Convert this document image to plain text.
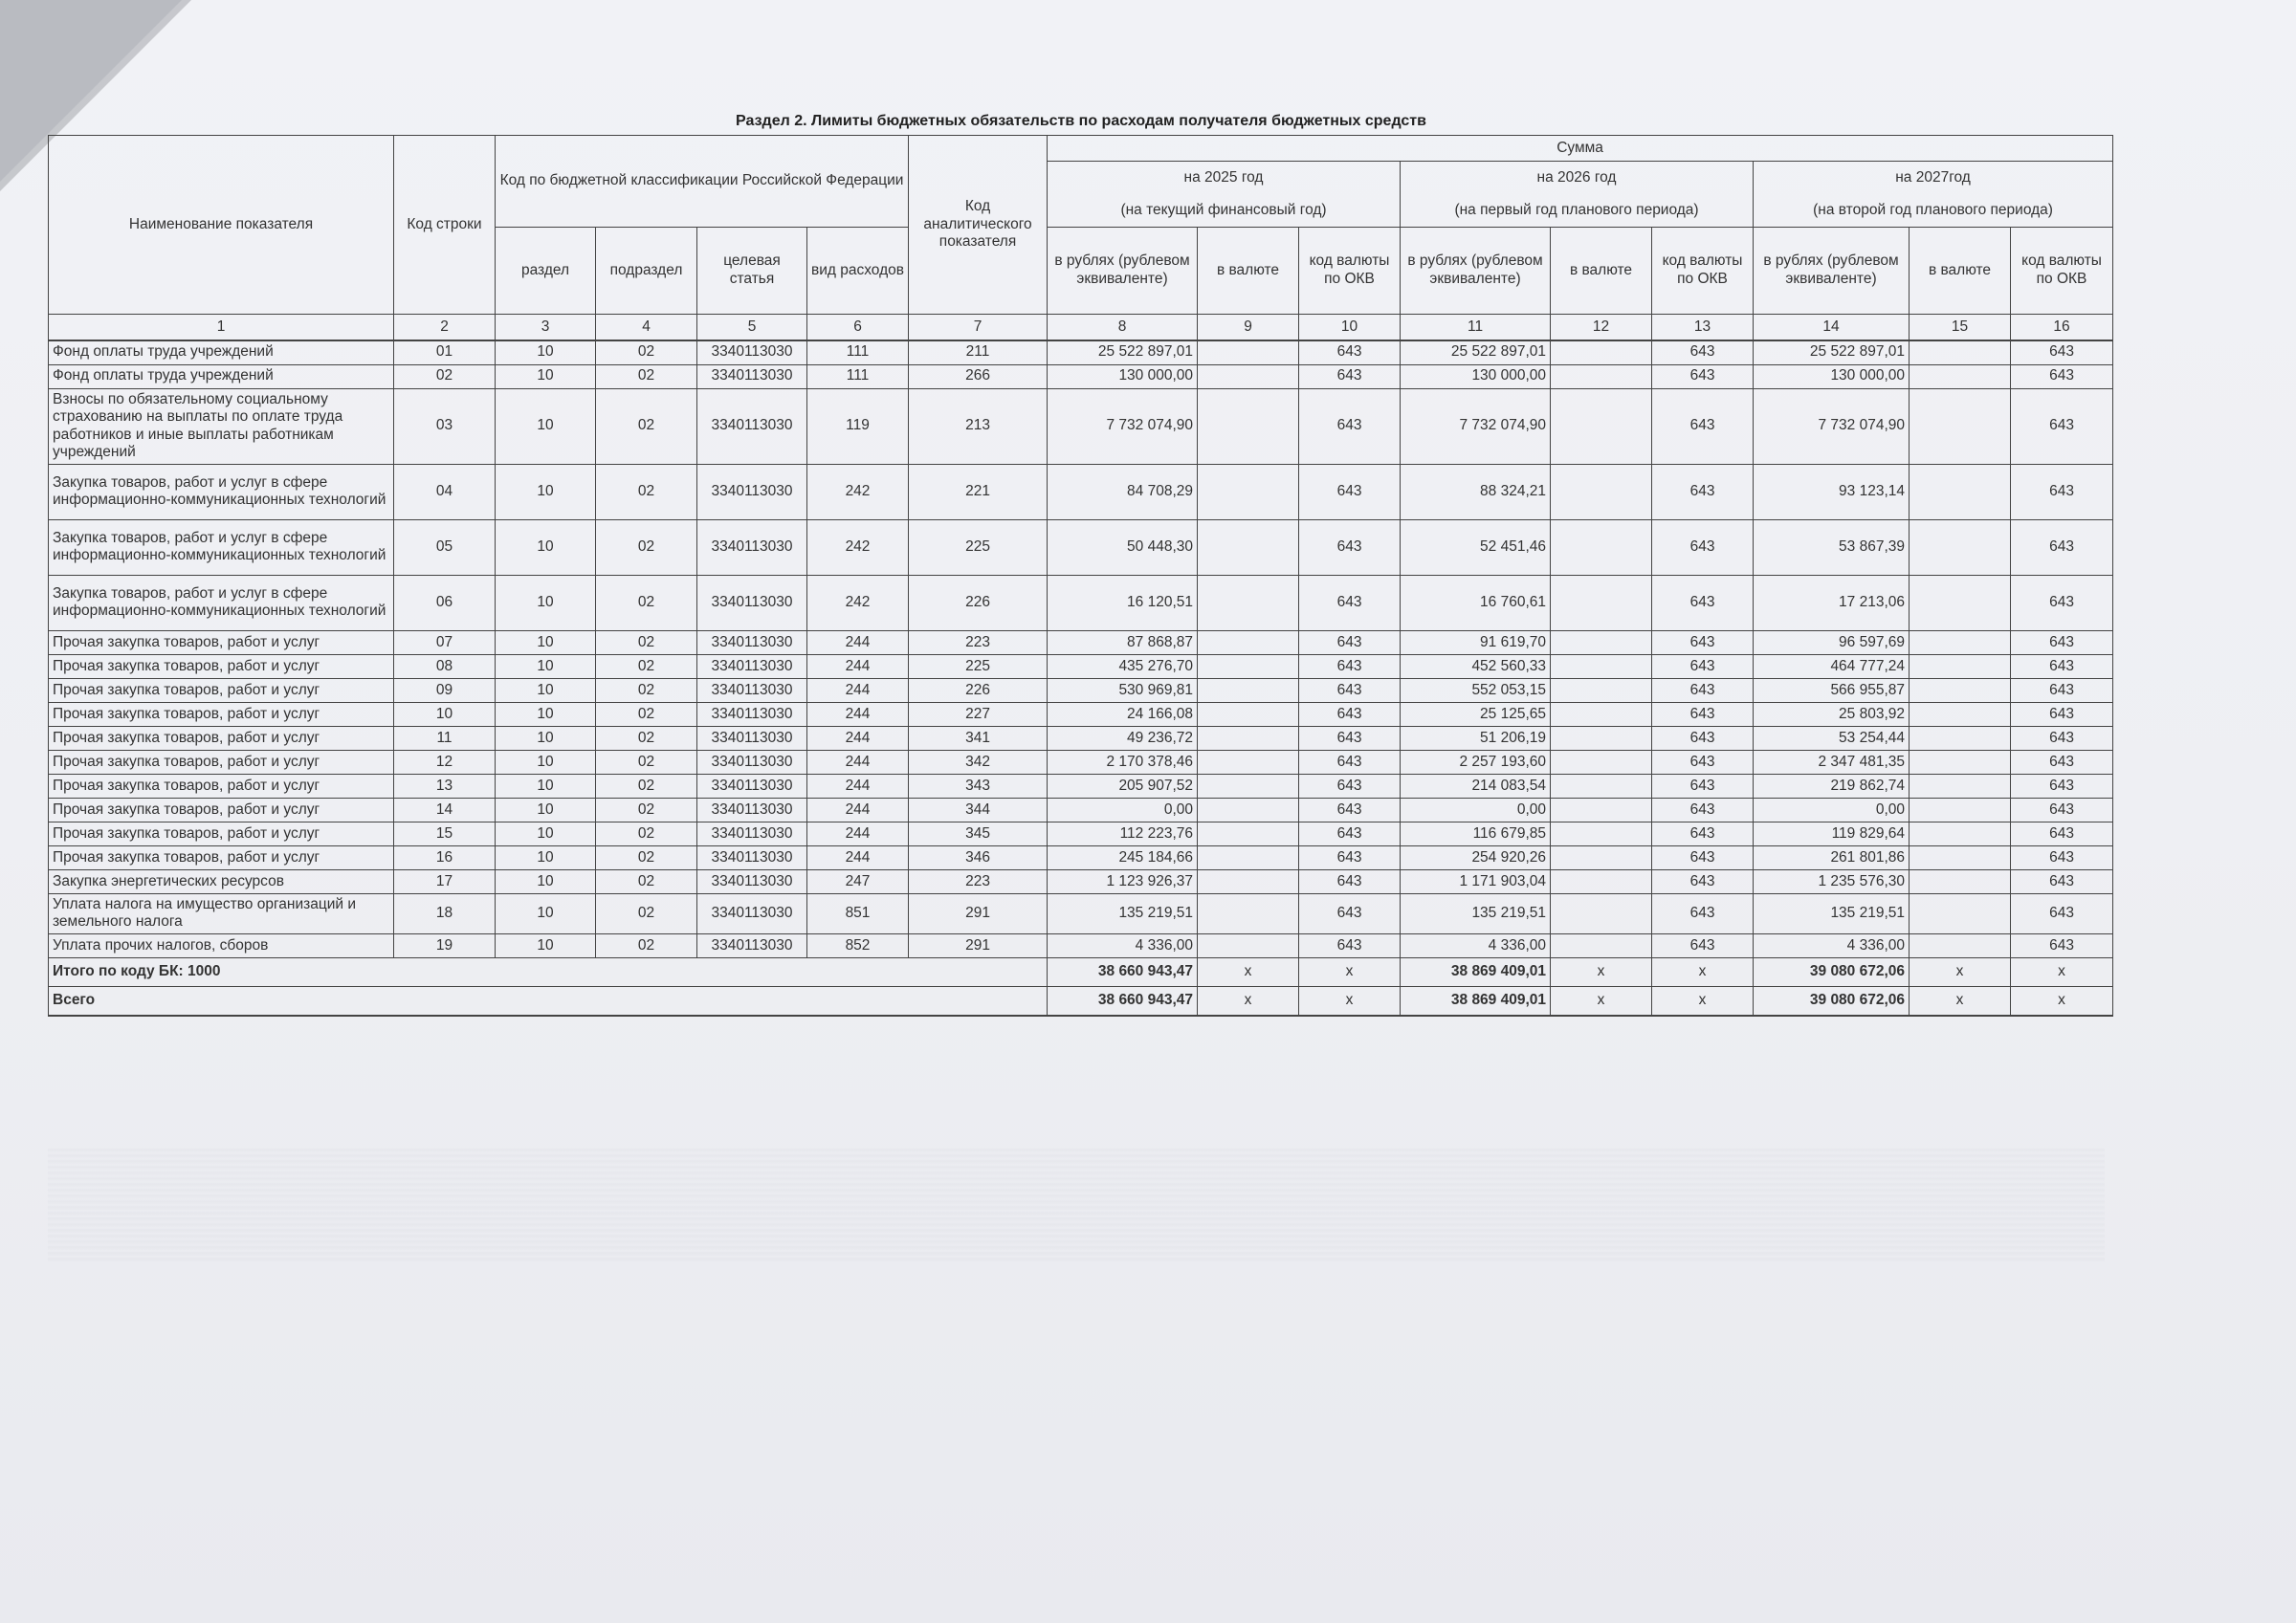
Раздел 2. Лимиты бюджетных обязательств по расходам получателя бюджетных средств
Наименование показателя	Код строки	Код по бюджетной классификации Российской Федерации				Код аналитического показателя	Сумма								
							на 2025 год			на 2026 год			на 2027год		
							(на текущий финансовый год)			(на первый год планового периода)			(на второй год планового периода)		
		раздел	подраздел	целевая статья	вид расходов		в рублях (рублевом эквиваленте)	в валюте	код валюты по ОКВ	в рублях (рублевом эквиваленте)	в валюте	код валюты по ОКВ	в рублях (рублевом эквиваленте)	в валюте	код валюты по ОКВ
1	2	3	4	5	6	7	8	9	10	11	12	13	14	15	16
Фонд оплаты труда учреждений	01	10	02	3340113030	111	211	25 522 897,01		643	25 522 897,01		643	25 522 897,01		643
Фонд оплаты труда учреждений	02	10	02	3340113030	111	266	130 000,00		643	130 000,00		643	130 000,00		643
Взносы по обязательному социальному страхованию на выплаты по оплате труда работников и иные выплаты работникам учреждений	03	10	02	3340113030	119	213	7 732 074,90		643	7 732 074,90		643	7 732 074,90		643
Закупка товаров, работ и услуг в сфере информационно-коммуникационных технологий	04	10	02	3340113030	242	221	84 708,29		643	88 324,21		643	93 123,14		643
Закупка товаров, работ и услуг в сфере информационно-коммуникационных технологий	05	10	02	3340113030	242	225	50 448,30		643	52 451,46		643	53 867,39		643
Закупка товаров, работ и услуг в сфере информационно-коммуникационных технологий	06	10	02	3340113030	242	226	16 120,51		643	16 760,61		643	17 213,06		643
Прочая закупка товаров, работ и услуг	07	10	02	3340113030	244	223	87 868,87		643	91 619,70		643	96 597,69		643
Прочая закупка товаров, работ и услуг	08	10	02	3340113030	244	225	435 276,70		643	452 560,33		643	464 777,24		643
Прочая закупка товаров, работ и услуг	09	10	02	3340113030	244	226	530 969,81		643	552 053,15		643	566 955,87		643
Прочая закупка товаров, работ и услуг	10	10	02	3340113030	244	227	24 166,08		643	25 125,65		643	25 803,92		643
Прочая закупка товаров, работ и услуг	11	10	02	3340113030	244	341	49 236,72		643	51 206,19		643	53 254,44		643
Прочая закупка товаров, работ и услуг	12	10	02	3340113030	244	342	2 170 378,46		643	2 257 193,60		643	2 347 481,35		643
Прочая закупка товаров, работ и услуг	13	10	02	3340113030	244	343	205 907,52		643	214 083,54		643	219 862,74		643
Прочая закупка товаров, работ и услуг	14	10	02	3340113030	244	344	0,00		643	0,00		643	0,00		643
Прочая закупка товаров, работ и услуг	15	10	02	3340113030	244	345	112 223,76		643	116 679,85		643	119 829,64		643
Прочая закупка товаров, работ и услуг	16	10	02	3340113030	244	346	245 184,66		643	254 920,26		643	261 801,86		643
Закупка энергетических ресурсов	17	10	02	3340113030	247	223	1 123 926,37		643	1 171 903,04		643	1 235 576,30		643
Уплата налога на имущество организаций и земельного налога	18	10	02	3340113030	851	291	135 219,51		643	135 219,51		643	135 219,51		643
Уплата прочих налогов, сборов	19	10	02	3340113030	852	291	4 336,00		643	4 336,00		643	4 336,00		643
Итого по коду БК: 1000							38 660 943,47	x	x	38 869 409,01	x	x	39 080 672,06	x	x
Всего							38 660 943,47	x	x	38 869 409,01	x	x	39 080 672,06	x	x
